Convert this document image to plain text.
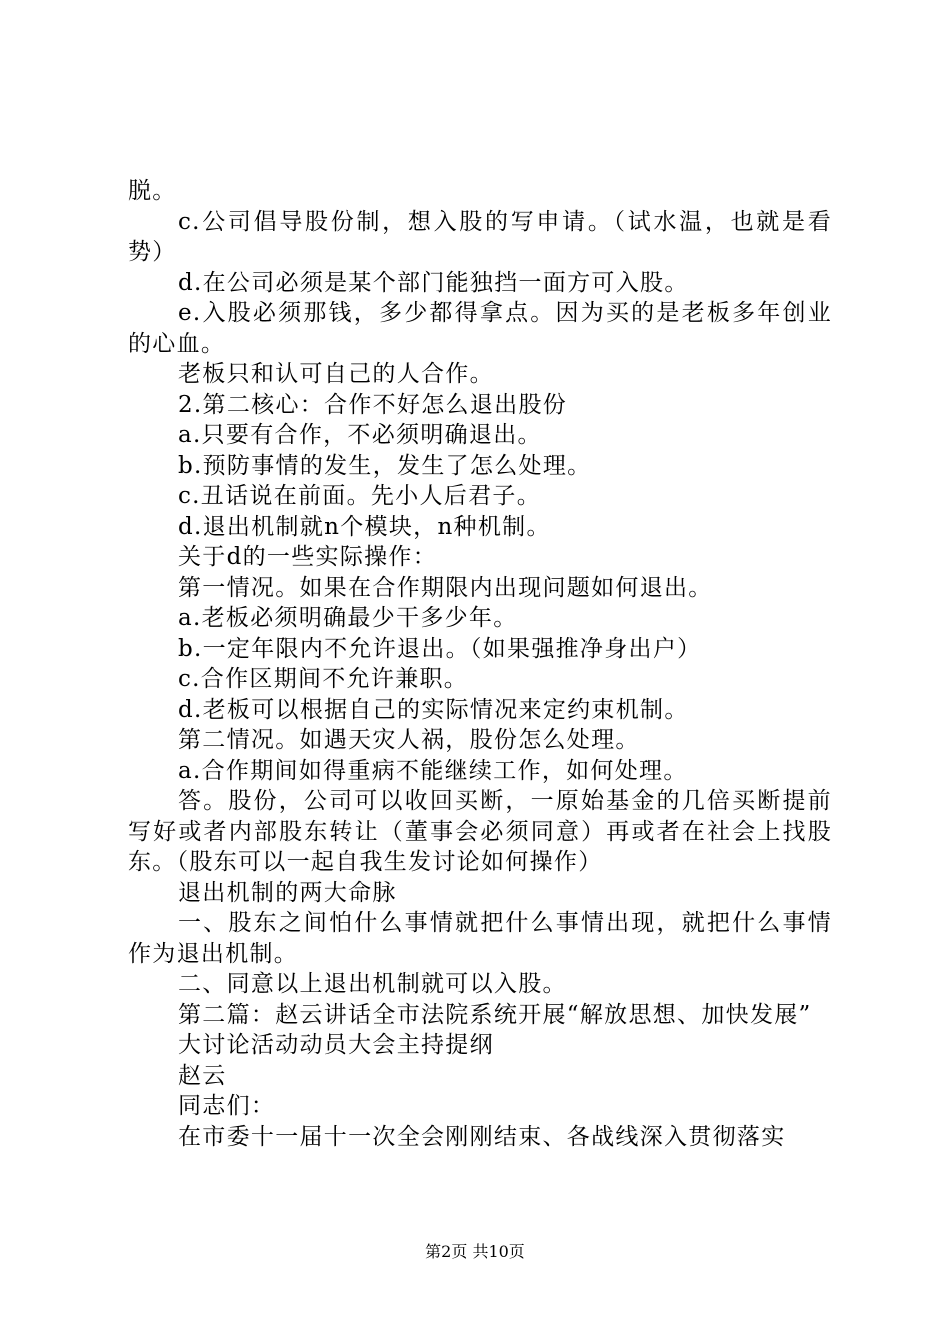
脱。

c.公司倡导股份制，想入股的写申请。（试水温，也就是看势）

d.在公司必须是某个部门能独挡一面方可入股。

e.入股必须那钱，多少都得拿点。因为买的是老板多年创业的心血。

老板只和认可自己的人合作。

2.第二核心：合作不好怎么退出股份

a.只要有合作，不必须明确退出。

b.预防事情的发生，发生了怎么处理。

c.丑话说在前面。先小人后君子。

d.退出机制就n个模块，n种机制。

关于d的一些实际操作：

第一情况。如果在合作期限内出现问题如何退出。

a.老板必须明确最少干多少年。

b.一定年限内不允许退出。（如果强推净身出户）

c.合作区期间不允许兼职。

d.老板可以根据自己的实际情况来定约束机制。

第二情况。如遇天灾人祸，股份怎么处理。

a.合作期间如得重病不能继续工作，如何处理。

答。股份，公司可以收回买断，一原始基金的几倍买断提前写好或者内部股东转让（董事会必须同意）再或者在社会上找股东。（股东可以一起自我生发讨论如何操作）

退出机制的两大命脉

一、股东之间怕什么事情就把什么事情出现，就把什么事情作为退出机制。

二、同意以上退出机制就可以入股。

第二篇：赵云讲话全市法院系统开展“解放思想、加快发展”

大讨论活动动员大会主持提纲

赵云

同志们：

在市委十一届十一次全会刚刚结束、各战线深入贯彻落实

第2页 共10页
